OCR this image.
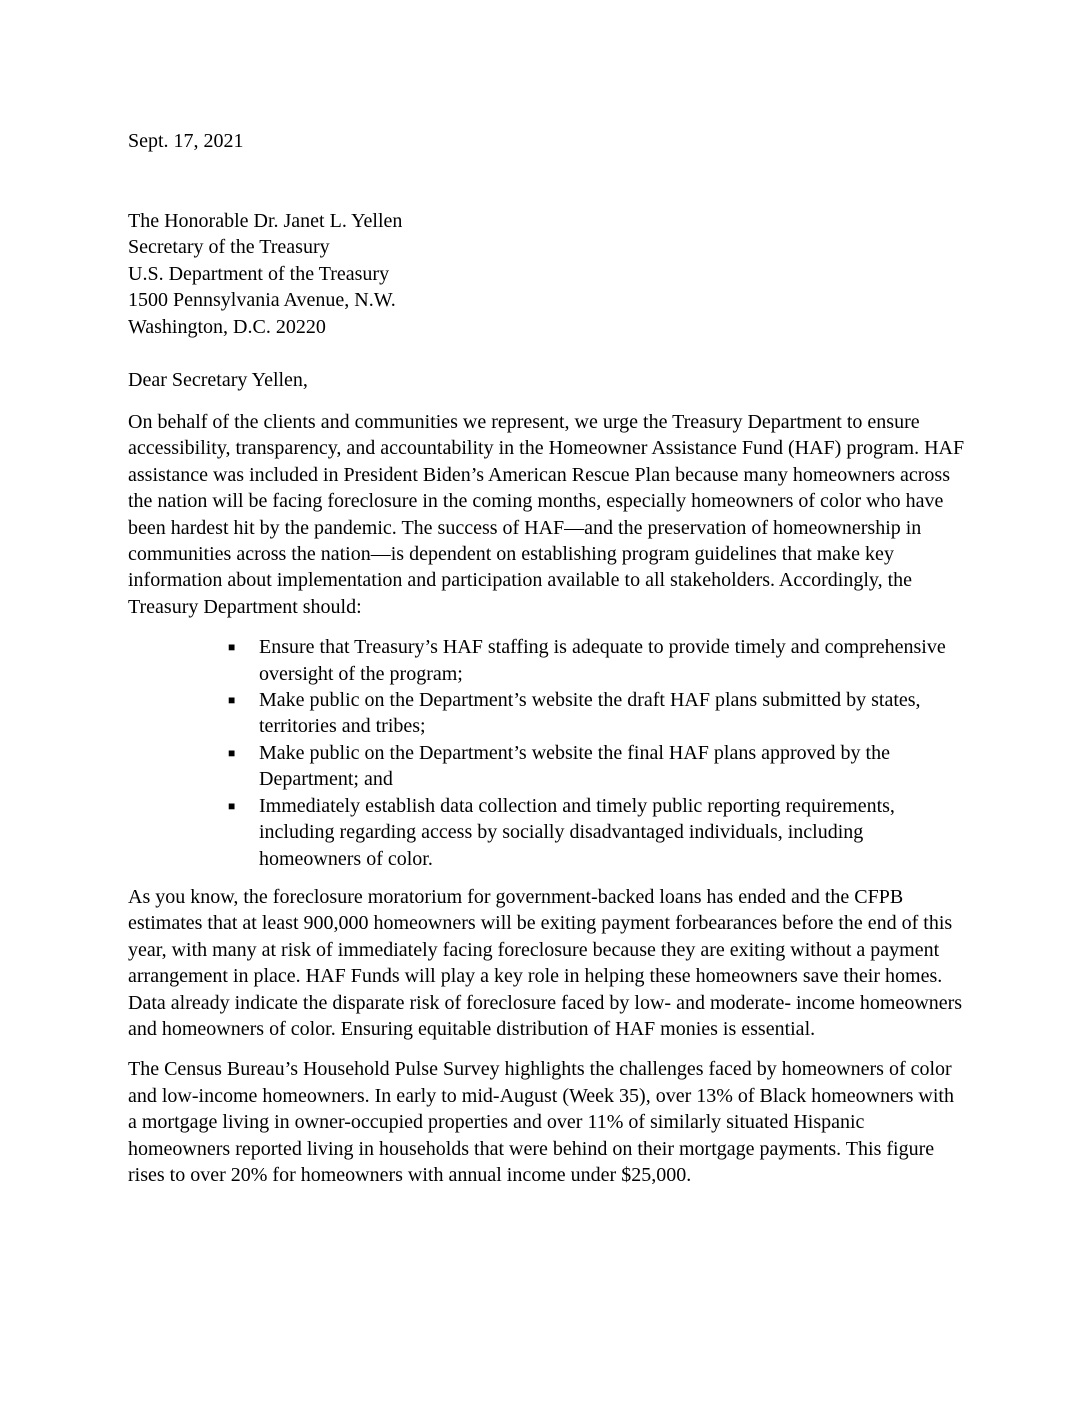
Sept. 17, 2021

The Honorable Dr. Janet L. Yellen
Secretary of the Treasury
U.S. Department of the Treasury
1500 Pennsylvania Avenue, N.W.
Washington, D.C. 20220

Dear Secretary Yellen,

On behalf of the clients and communities we represent, we urge the Treasury Department to ensure accessibility, transparency, and accountability in the Homeowner Assistance Fund (HAF) program. HAF assistance was included in President Biden’s American Rescue Plan because many homeowners across the nation will be facing foreclosure in the coming months, especially homeowners of color who have been hardest hit by the pandemic. The success of HAF—and the preservation of homeownership in communities across the nation—is dependent on establishing program guidelines that make key information about implementation and participation available to all stakeholders. Accordingly, the Treasury Department should:

■ Ensure that Treasury’s HAF staffing is adequate to provide timely and comprehensive oversight of the program;
■ Make public on the Department’s website the draft HAF plans submitted by states, territories and tribes;
■ Make public on the Department’s website the final HAF plans approved by the Department; and
■ Immediately establish data collection and timely public reporting requirements, including regarding access by socially disadvantaged individuals, including homeowners of color.

As you know, the foreclosure moratorium for government-backed loans has ended and the CFPB estimates that at least 900,000 homeowners will be exiting payment forbearances before the end of this year, with many at risk of immediately facing foreclosure because they are exiting without a payment arrangement in place. HAF Funds will play a key role in helping these homeowners save their homes. Data already indicate the disparate risk of foreclosure faced by low- and moderate- income homeowners and homeowners of color. Ensuring equitable distribution of HAF monies is essential.

The Census Bureau’s Household Pulse Survey highlights the challenges faced by homeowners of color and low-income homeowners. In early to mid-August (Week 35), over 13% of Black homeowners with a mortgage living in owner-occupied properties and over 11% of similarly situated Hispanic homeowners reported living in households that were behind on their mortgage payments. This figure rises to over 20% for homeowners with annual income under $25,000.
